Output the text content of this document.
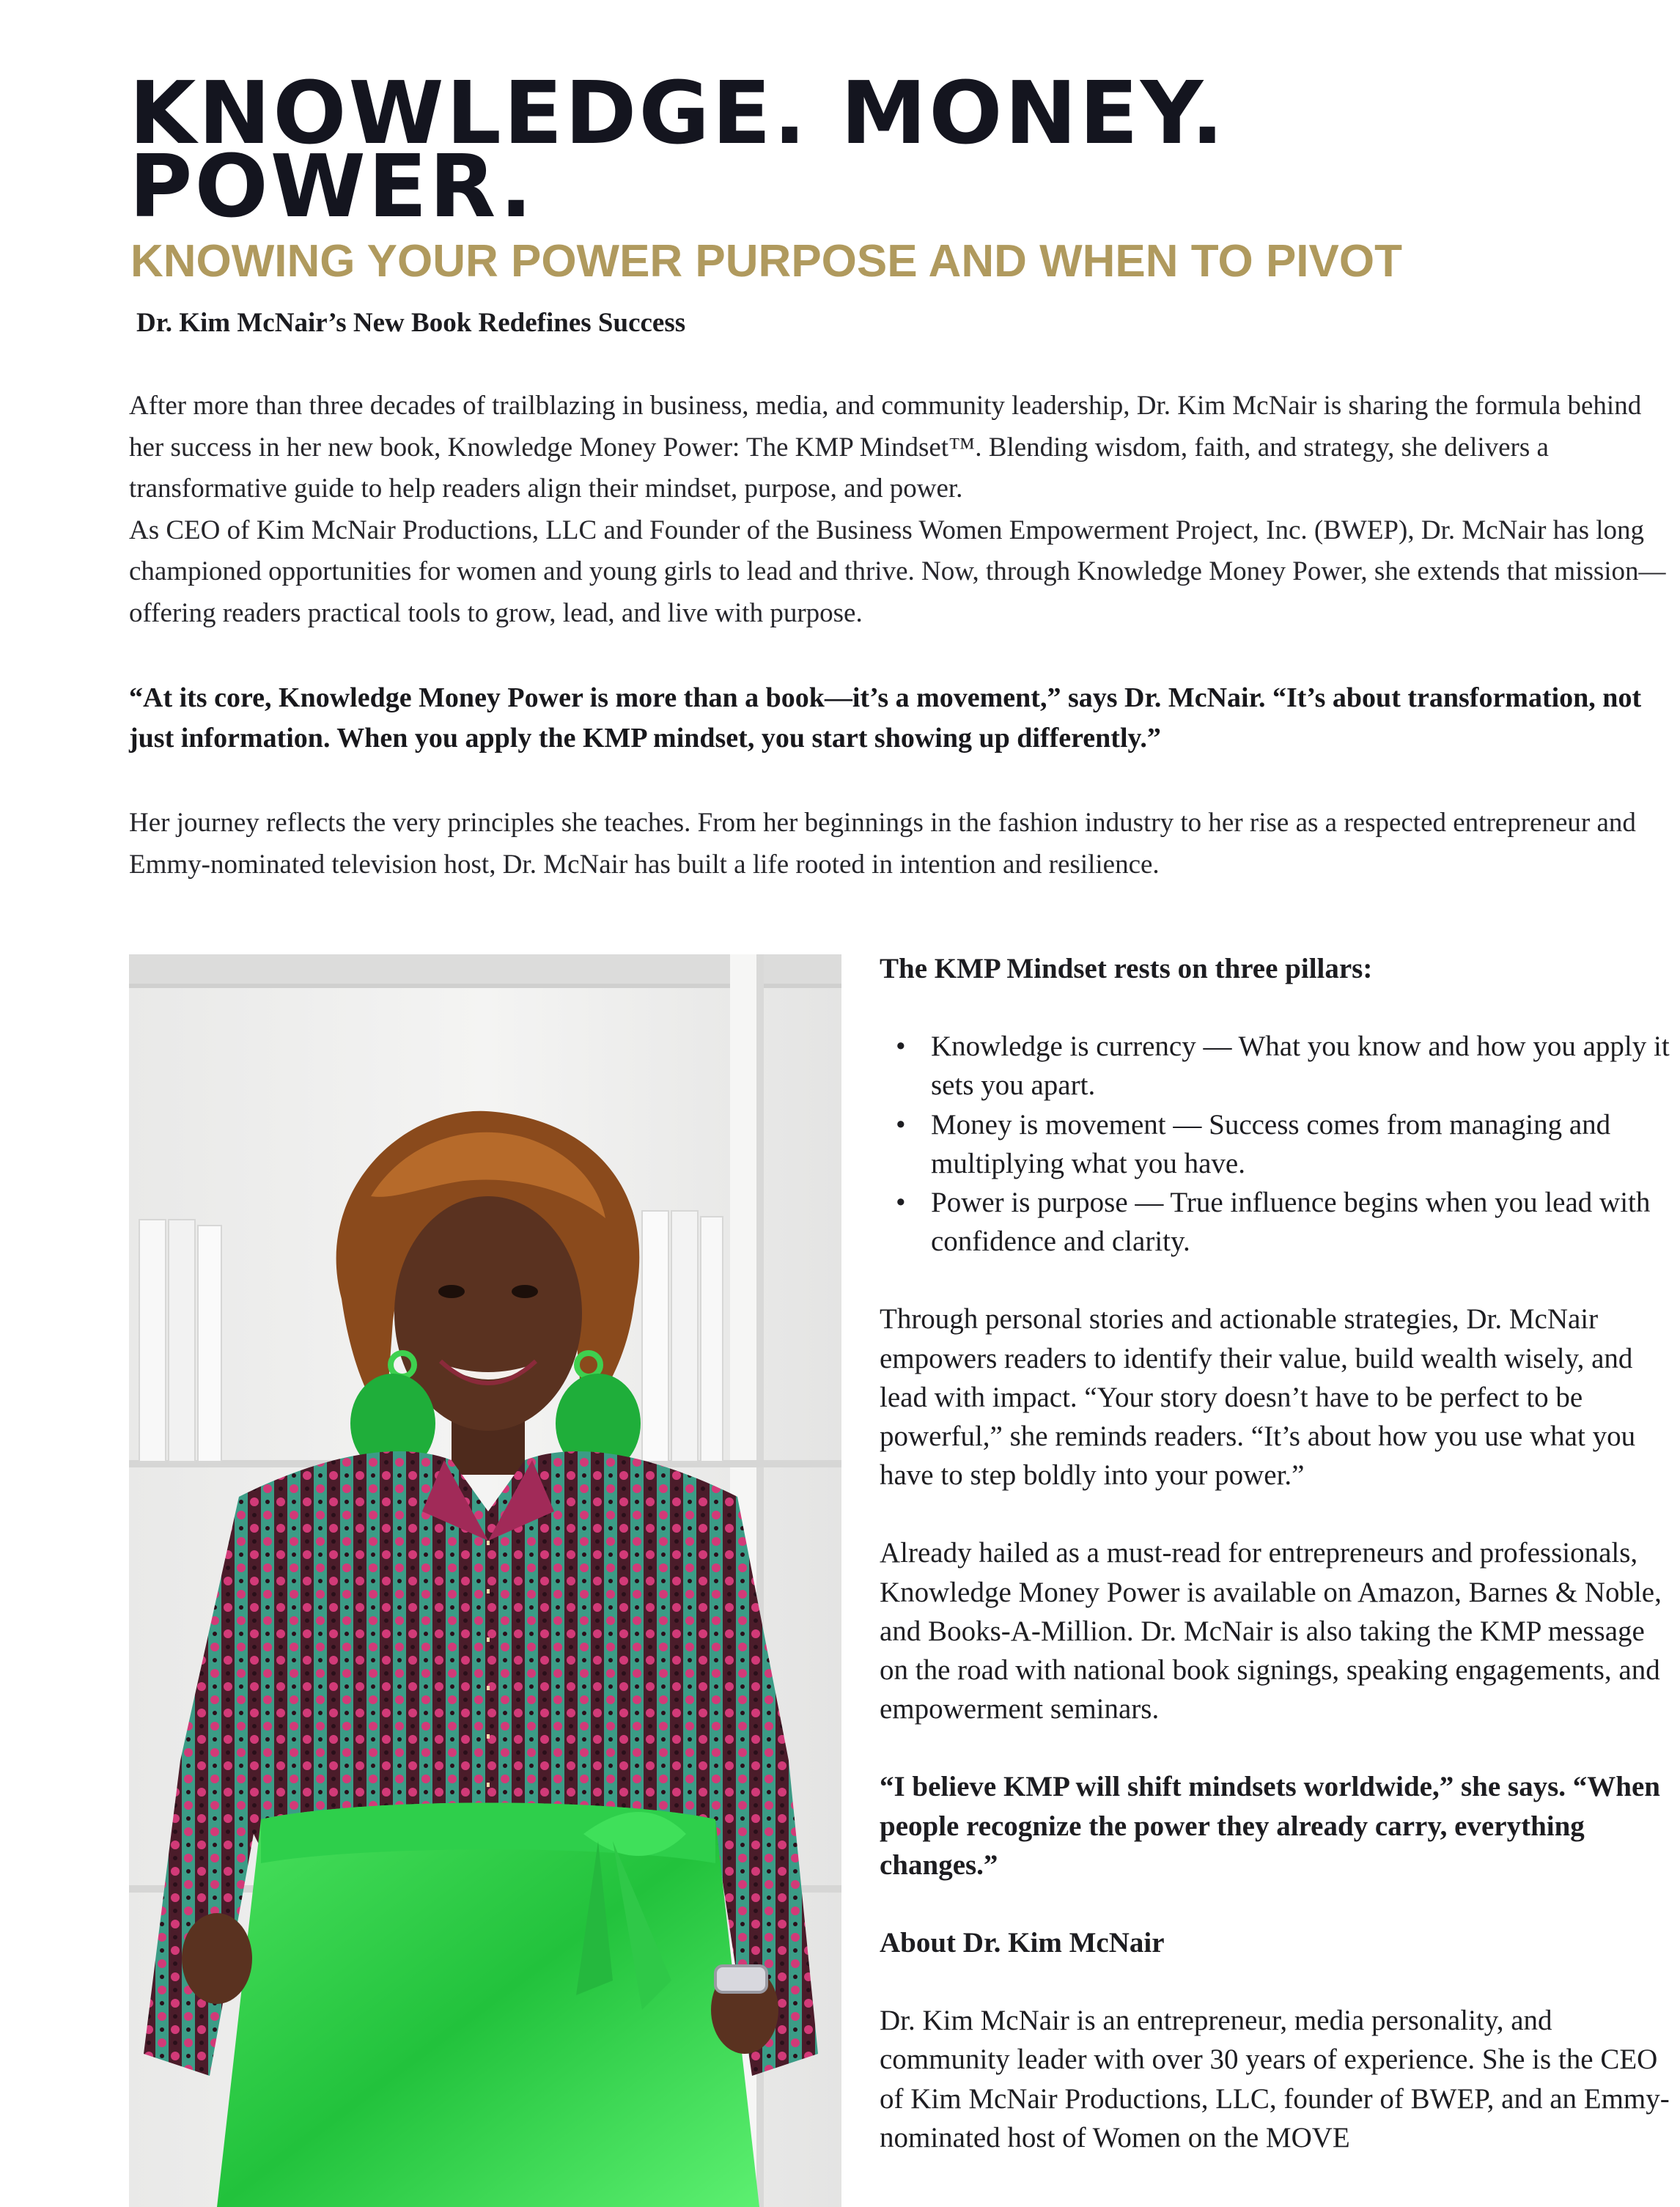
KNOWLEDGE. MONEY.
POWER.
KNOWING YOUR POWER PURPOSE AND WHEN TO PIVOT

Dr. Kim McNair’s New Book Redefines Success

After more than three decades of trailblazing in business, media, and community leadership, Dr. Kim McNair is sharing the formula behind her success in her new book, Knowledge Money Power: The KMP Mindset™. Blending wisdom, faith, and strategy, she delivers a transformative guide to help readers align their mindset, purpose, and power.

As CEO of Kim McNair Productions, LLC and Founder of the Business Women Empowerment Project, Inc. (BWEP), Dr. McNair has long championed opportunities for women and young girls to lead and thrive. Now, through Knowledge Money Power, she extends that mission—offering readers practical tools to grow, lead, and live with purpose.

“At its core, Knowledge Money Power is more than a book—it’s a movement,” says Dr. McNair. “It’s about transformation, not just information. When you apply the KMP mindset, you start showing up differently.”

Her journey reflects the very principles she teaches. From her beginnings in the fashion industry to her rise as a respected entrepreneur and Emmy-nominated television host, Dr. McNair has built a life rooted in intention and resilience.

The KMP Mindset rests on three pillars:

• Knowledge is currency — What you know and how you apply it sets you apart.
• Money is movement — Success comes from managing and multiplying what you have.
• Power is purpose — True influence begins when you lead with confidence and clarity.

Through personal stories and actionable strategies, Dr. McNair empowers readers to identify their value, build wealth wisely, and lead with impact. “Your story doesn’t have to be perfect to be powerful,” she reminds readers. “It’s about how you use what you have to step boldly into your power.”

Already hailed as a must-read for entrepreneurs and professionals, Knowledge Money Power is available on Amazon, Barnes & Noble, and Books-A-Million. Dr. McNair is also taking the KMP message on the road with national book signings, speaking engagements, and empowerment seminars.

“I believe KMP will shift mindsets worldwide,” she says. “When people recognize the power they already carry, everything changes.”

About Dr. Kim McNair

Dr. Kim McNair is an entrepreneur, media personality, and community leader with over 30 years of experience. She is the CEO of Kim McNair Productions, LLC, founder of BWEP, and an Emmy-nominated host of Women on the MOVE
